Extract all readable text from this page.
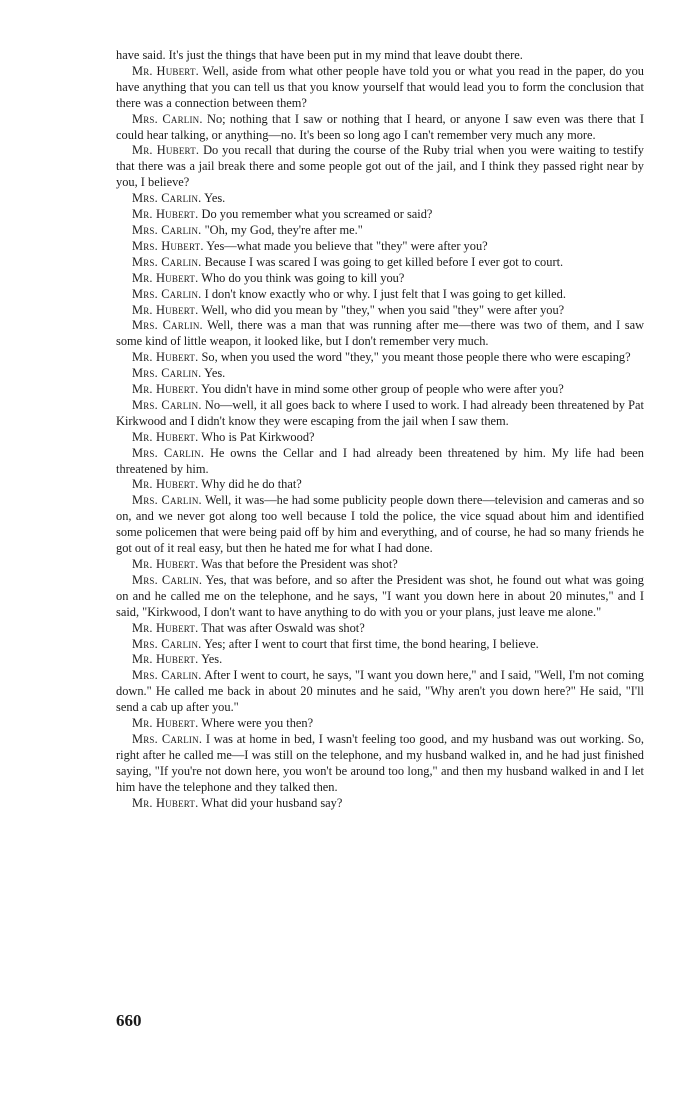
have said. It's just the things that have been put in my mind that leave doubt there.

Mr. Hubert. Well, aside from what other people have told you or what you read in the paper, do you have anything that you can tell us that you know yourself that would lead you to form the conclusion that there was a connection between them?

Mrs. Carlin. No; nothing that I saw or nothing that I heard, or anyone I saw even was there that I could hear talking, or anything—no. It's been so long ago I can't remember very much any more.

Mr. Hubert. Do you recall that during the course of the Ruby trial when you were waiting to testify that there was a jail break there and some people got out of the jail, and I think they passed right near by you, I believe?

Mrs. Carlin. Yes.

Mr. Hubert. Do you remember what you screamed or said?

Mrs. Carlin. "Oh, my God, they're after me."

Mrs. Hubert. Yes—what made you believe that "they" were after you?

Mrs. Carlin. Because I was scared I was going to get killed before I ever got to court.

Mr. Hubert. Who do you think was going to kill you?

Mrs. Carlin. I don't know exactly who or why. I just felt that I was going to get killed.

Mr. Hubert. Well, who did you mean by "they," when you said "they" were after you?

Mrs. Carlin. Well, there was a man that was running after me—there was two of them, and I saw some kind of little weapon, it looked like, but I don't remember very much.

Mr. Hubert. So, when you used the word "they," you meant those people there who were escaping?

Mrs. Carlin. Yes.

Mr. Hubert. You didn't have in mind some other group of people who were after you?

Mrs. Carlin. No—well, it all goes back to where I used to work. I had already been threatened by Pat Kirkwood and I didn't know they were escaping from the jail when I saw them.

Mr. Hubert. Who is Pat Kirkwood?

Mrs. Carlin. He owns the Cellar and I had already been threatened by him. My life had been threatened by him.

Mr. Hubert. Why did he do that?

Mrs. Carlin. Well, it was—he had some publicity people down there—television and cameras and so on, and we never got along too well because I told the police, the vice squad about him and identified some policemen that were being paid off by him and everything, and of course, he had so many friends he got out of it real easy, but then he hated me for what I had done.

Mr. Hubert. Was that before the President was shot?

Mrs. Carlin. Yes, that was before, and so after the President was shot, he found out what was going on and he called me on the telephone, and he says, "I want you down here in about 20 minutes," and I said, "Kirkwood, I don't want to have anything to do with you or your plans, just leave me alone."

Mr. Hubert. That was after Oswald was shot?

Mrs. Carlin. Yes; after I went to court that first time, the bond hearing, I believe.

Mr. Hubert. Yes.

Mrs. Carlin. After I went to court, he says, "I want you down here," and I said, "Well, I'm not coming down." He called me back in about 20 minutes and he said, "Why aren't you down here?" He said, "I'll send a cab up after you."

Mr. Hubert. Where were you then?

Mrs. Carlin. I was at home in bed, I wasn't feeling too good, and my husband was out working. So, right after he called me—I was still on the telephone, and my husband walked in, and he had just finished saying, "If you're not down here, you won't be around too long," and then my husband walked in and I let him have the telephone and they talked then.

Mr. Hubert. What did your husband say?

660
